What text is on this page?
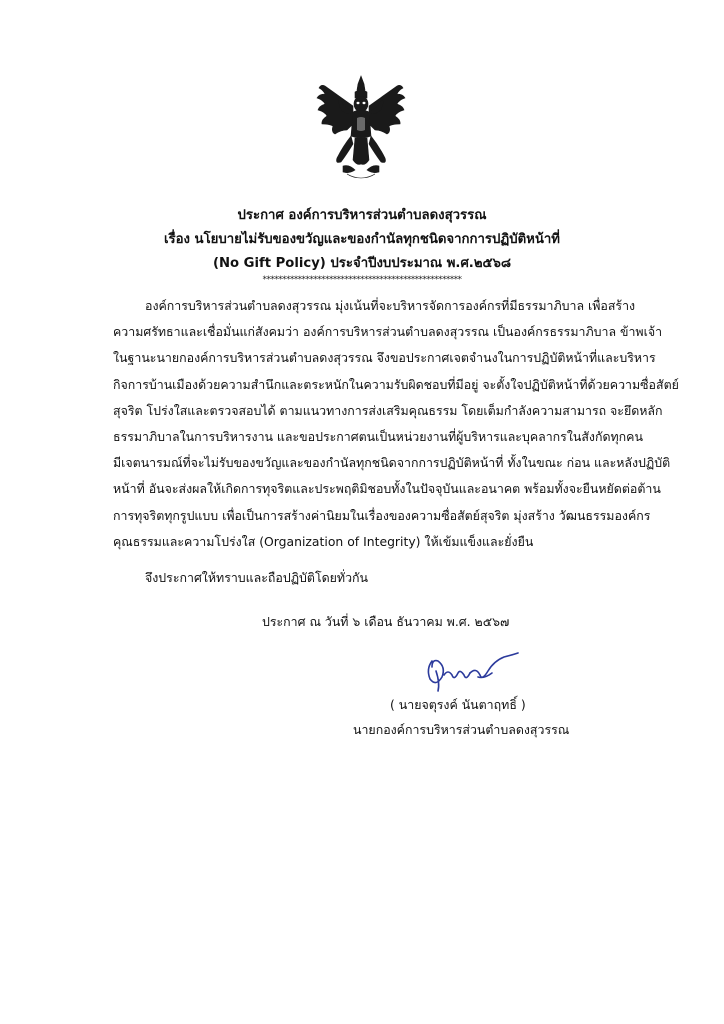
ประกาศ องค์การบริหารส่วนตำบลดงสุวรรณ
เรื่อง นโยบายไม่รับของขวัญและของกำนัลทุกชนิดจากการปฏิบัติหน้าที่
(No Gift Policy) ประจำปีงบประมาณ พ.ศ.๒๕๖๘
***************************************************
องค์การบริหารส่วนตำบลดงสุวรรณ มุ่งเน้นที่จะบริหารจัดการองค์กรที่มีธรรมาภิบาล เพื่อสร้าง
ความศรัทธาและเชื่อมั่นแก่สังคมว่า องค์การบริหารส่วนตำบลดงสุวรรณ เป็นองค์กรธรรมาภิบาล ข้าพเจ้า
ในฐานะนายกองค์การบริหารส่วนตำบลดงสุวรรณ จึงขอประกาศเจตจำนงในการปฏิบัติหน้าที่และบริหาร
กิจการบ้านเมืองด้วยความสำนึกและตระหนักในความรับผิดชอบที่มีอยู่ จะตั้งใจปฏิบัติหน้าที่ด้วยความซื่อสัตย์
สุจริต โปร่งใสและตรวจสอบได้ ตามแนวทางการส่งเสริมคุณธรรม โดยเต็มกำลังความสามารถ จะยึดหลัก
ธรรมาภิบาลในการบริหารงาน และขอประกาศตนเป็นหน่วยงานที่ผู้บริหารและบุคลากรในสังกัดทุกคน
มีเจตนารมณ์ที่จะไม่รับของขวัญและของกำนัลทุกชนิดจากการปฏิบัติหน้าที่ ทั้งในขณะ ก่อน และหลังปฏิบัติ
หน้าที่ อันจะส่งผลให้เกิดการทุจริตและประพฤติมิชอบทั้งในปัจจุบันและอนาคต พร้อมทั้งจะยืนหยัดต่อต้าน
การทุจริตทุกรูปแบบ เพื่อเป็นการสร้างค่านิยมในเรื่องของความซื่อสัตย์สุจริต มุ่งสร้าง วัฒนธรรมองค์กร
คุณธรรมและความโปร่งใส (Organization of Integrity) ให้เข้มแข็งและยั่งยืน
จึงประกาศให้ทราบและถือปฏิบัติโดยทั่วกัน
ประกาศ ณ วันที่ ๖ เดือน ธันวาคม พ.ศ. ๒๕๖๗
( นายจตุรงค์ นันตาฤทธิ์ )
นายกองค์การบริหารส่วนตำบลดงสุวรรณ
